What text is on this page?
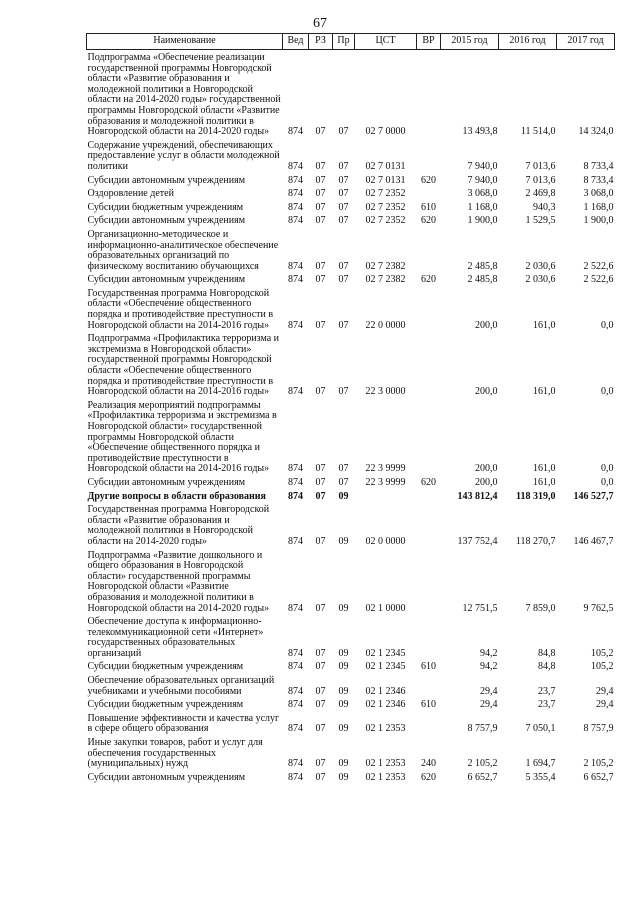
67
Наименование	Вед	РЗ	Пр	ЦСТ	ВР	2015 год	2016 год	2017 год
Подпрограмма «Обеспечение реализации государственной программы Новгородской области «Развитие образования и молодежной политики в Новгородской области на 2014-2020 годы» государственной программы Новгородской области «Развитие образования и молодежной политики в Новгородской области на 2014-2020 годы»	874	07	07	02 7 0000		13 493,8	11 514,0	14 324,0
Содержание учреждений, обеспечивающих предоставление услуг в области молодежной политики	874	07	07	02 7 0131		7 940,0	7 013,6	8 733,4
Субсидии автономным учреждениям	874	07	07	02 7 0131	620	7 940,0	7 013,6	8 733,4
Оздоровление детей	874	07	07	02 7 2352		3 068,0	2 469,8	3 068,0
Субсидии бюджетным учреждениям	874	07	07	02 7 2352	610	1 168,0	940,3	1 168,0
Субсидии автономным учреждениям	874	07	07	02 7 2352	620	1 900,0	1 529,5	1 900,0
Организационно-методическое и информационно-аналитическое обеспечение образовательных организаций по физическому воспитанию обучающихся	874	07	07	02 7 2382		2 485,8	2 030,6	2 522,6
Субсидии автономным учреждениям	874	07	07	02 7 2382	620	2 485,8	2 030,6	2 522,6
Государственная программа Новгородской области «Обеспечение общественного порядка и противодействие преступности в Новгородской области на 2014-2016 годы»	874	07	07	22 0 0000		200,0	161,0	0,0
Подпрограмма «Профилактика терроризма и экстремизма в Новгородской области» государственной программы Новгородской области «Обеспечение общественного порядка и противодействие преступности в Новгородской области на 2014-2016 годы»	874	07	07	22 3 0000		200,0	161,0	0,0
Реализация мероприятий подпрограммы «Профилактика терроризма и экстремизма в Новгородской области» государственной программы Новгородской области «Обеспечение общественного порядка и противодействие преступности в Новгородской области на 2014-2016 годы»	874	07	07	22 3 9999		200,0	161,0	0,0
Субсидии автономным учреждениям	874	07	07	22 3 9999	620	200,0	161,0	0,0
Другие вопросы в области образования	874	07	09			143 812,4	118 319,0	146 527,7
Государственная программа Новгородской области «Развитие образования и молодежной политики в Новгородской области на 2014-2020 годы»	874	07	09	02 0 0000		137 752,4	118 270,7	146 467,7
Подпрограмма «Развитие дошкольного и общего образования в Новгородской области» государственной программы Новгородской области «Развитие образования и молодежной политики в Новгородской области на 2014-2020 годы»	874	07	09	02 1 0000		12 751,5	7 859,0	9 762,5
Обеспечение доступа к информационно-телекоммуникационной сети «Интернет» государственных образовательных организаций	874	07	09	02 1 2345		94,2	84,8	105,2
Субсидии бюджетным учреждениям	874	07	09	02 1 2345	610	94,2	84,8	105,2
Обеспечение образовательных организаций учебниками и учебными пособиями	874	07	09	02 1 2346		29,4	23,7	29,4
Субсидии бюджетным учреждениям	874	07	09	02 1 2346	610	29,4	23,7	29,4
Повышение эффективности и качества услуг в сфере общего образования	874	07	09	02 1 2353		8 757,9	7 050,1	8 757,9
Иные закупки товаров, работ и услуг для обеспечения государственных (муниципальных) нужд	874	07	09	02 1 2353	240	2 105,2	1 694,7	2 105,2
Субсидии автономным учреждениям	874	07	09	02 1 2353	620	6 652,7	5 355,4	6 652,7
